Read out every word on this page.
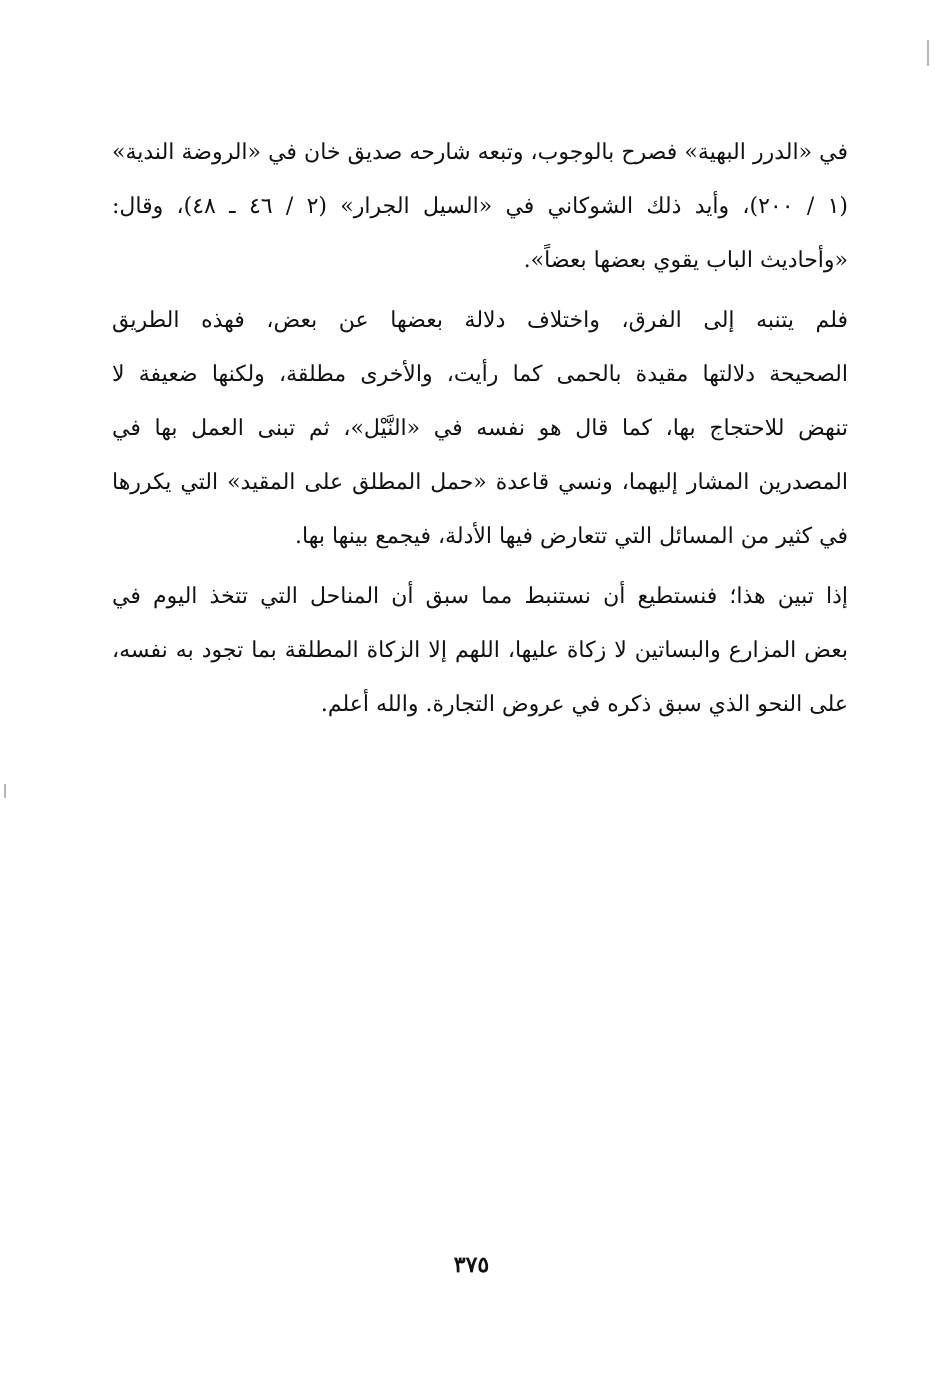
في «الدرر البهية» فصرح بالوجوب، وتبعه شارحه صديق خان في «الروضة الندية»
(١ / ٢٠٠)، وأيد ذلك الشوكاني في «السيل الجرار» (٢ / ٤٦ ـ ٤٨)، وقال:
«وأحاديث الباب يقوي بعضها بعضاً».
فلم يتنبه إلى الفرق، واختلاف دلالة بعضها عن بعض، فهذه الطريق
الصحيحة دلالتها مقيدة بالحمى كما رأيت، والأخرى مطلقة، ولكنها ضعيفة لا
تنهض للاحتجاج بها، كما قال هو نفسه في «النَّيْل»، ثم تبنى العمل بها في
المصدرين المشار إليهما، ونسي قاعدة «حمل المطلق على المقيد» التي يكررها
في كثير من المسائل التي تتعارض فيها الأدلة، فيجمع بينها بها.
إذا تبين هذا؛ فنستطيع أن نستنبط مما سبق أن المناحل التي تتخذ اليوم في
بعض المزارع والبساتين لا زكاة عليها، اللهم إلا الزكاة المطلقة بما تجود به نفسه،
على النحو الذي سبق ذكره في عروض التجارة. والله أعلم.
٣٧٥
